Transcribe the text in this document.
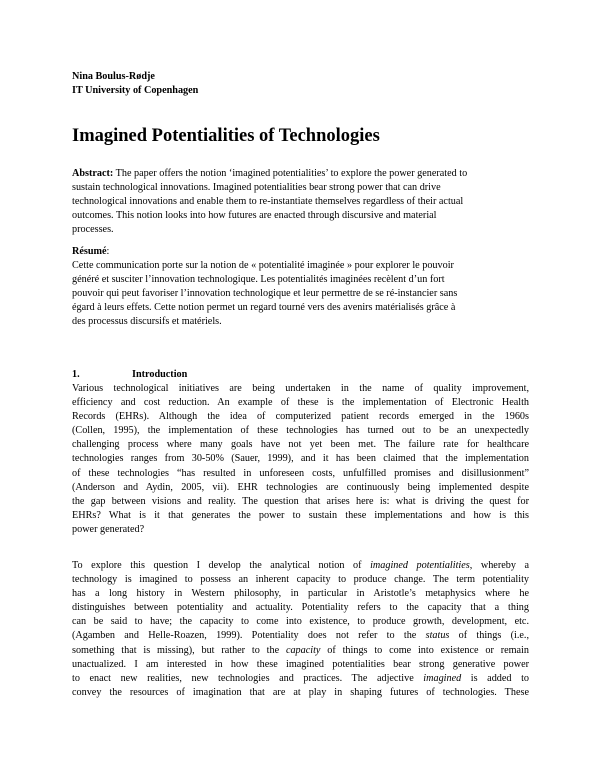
Nina Boulus-Rødje
IT University of Copenhagen
Imagined Potentialities of Technologies
Abstract: The paper offers the notion ‘imagined potentialities’ to explore the power generated to
sustain technological innovations. Imagined potentialities bear strong power that can drive
technological innovations and enable them to re-instantiate themselves regardless of their actual
outcomes. This notion looks into how futures are enacted through discursive and material
processes.
Résumé:
Cette communication porte sur la notion de « potentialité imaginée » pour explorer le pouvoir
généré et susciter l’innovation technologique. Les potentialités imaginées recèlent d’un fort
pouvoir qui peut favoriser l’innovation technologique et leur permettre de se ré-instancier sans
égard à leurs effets. Cette notion permet un regard tourné vers des avenirs matérialisés grâce à
des processus discursifs et matériels.
1.	Introduction
Various technological initiatives are being undertaken in the name of quality improvement,
efficiency and cost reduction. An example of these is the implementation of Electronic Health
Records (EHRs). Although the idea of computerized patient records emerged in the 1960s
(Collen, 1995), the implementation of these technologies has turned out to be an unexpectedly
challenging process where many goals have not yet been met. The failure rate for healthcare
technologies ranges from 30-50% (Sauer, 1999), and it has been claimed that the implementation
of these technologies “has resulted in unforeseen costs, unfulfilled promises and disillusionment”
(Anderson and Aydin, 2005, vii). EHR technologies are continuously being implemented despite
the gap between visions and reality. The question that arises here is: what is driving the quest for
EHRs? What is it that generates the power to sustain these implementations and how is this
power generated?
To explore this question I develop the analytical notion of imagined potentialities, whereby a
technology is imagined to possess an inherent capacity to produce change. The term potentiality
has a long history in Western philosophy, in particular in Aristotle’s metaphysics where he
distinguishes between potentiality and actuality. Potentiality refers to the capacity that a thing
can be said to have; the capacity to come into existence, to produce growth, development, etc.
(Agamben and Helle-Roazen, 1999). Potentiality does not refer to the status of things (i.e.,
something that is missing), but rather to the capacity of things to come into existence or remain
unactualized. I am interested in how these imagined potentialities bear strong generative power
to enact new realities, new technologies and practices. The adjective imagined is added to
convey the resources of imagination that are at play in shaping futures of technologies. These
